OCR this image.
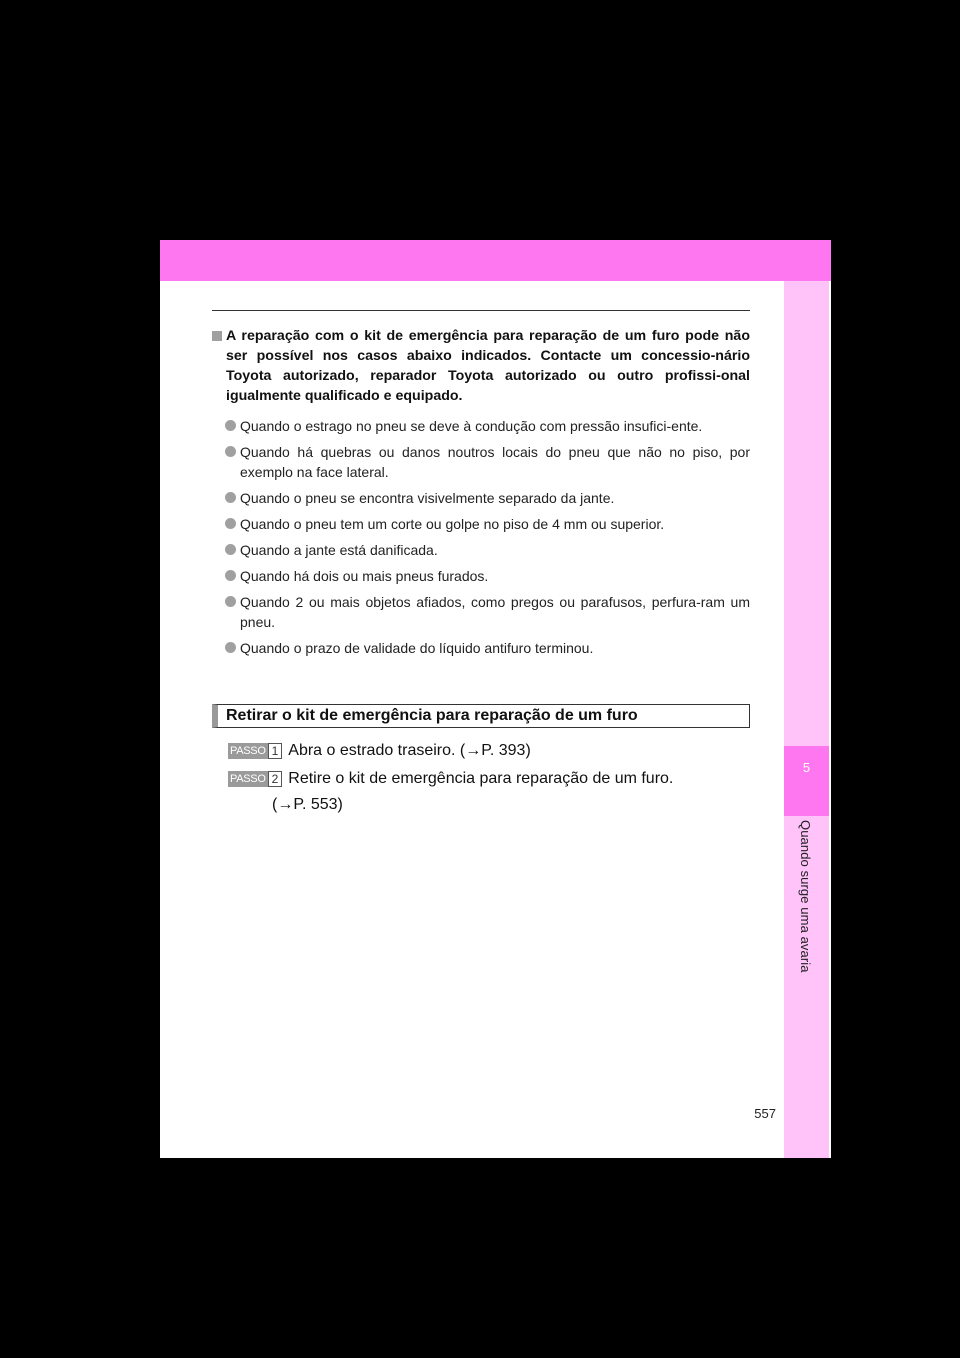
5
Quando surge uma avaria
A reparação com o kit de emergência para reparação de um furo pode não ser possível nos casos abaixo indicados. Contacte um concessio-nário Toyota autorizado, reparador Toyota autorizado ou outro profissi-onal igualmente qualificado e equipado.
Quando o estrago no pneu se deve à condução com pressão insufici-ente.
Quando há quebras ou danos noutros locais do pneu que não no piso, por exemplo na face lateral.
Quando o pneu se encontra visivelmente separado da jante.
Quando o pneu tem um corte ou golpe no piso de 4 mm ou superior.
Quando a jante está danificada.
Quando há dois ou mais pneus furados.
Quando 2 ou mais objetos afiados, como pregos ou parafusos, perfura-ram um pneu.
Quando o prazo de validade do líquido antifuro terminou.
Retirar o kit de emergência para reparação de um furo
PASSO 1 Abra o estrado traseiro. (→P. 393)
PASSO 2 Retire o kit de emergência para reparação de um furo.
(→P. 553)
557
